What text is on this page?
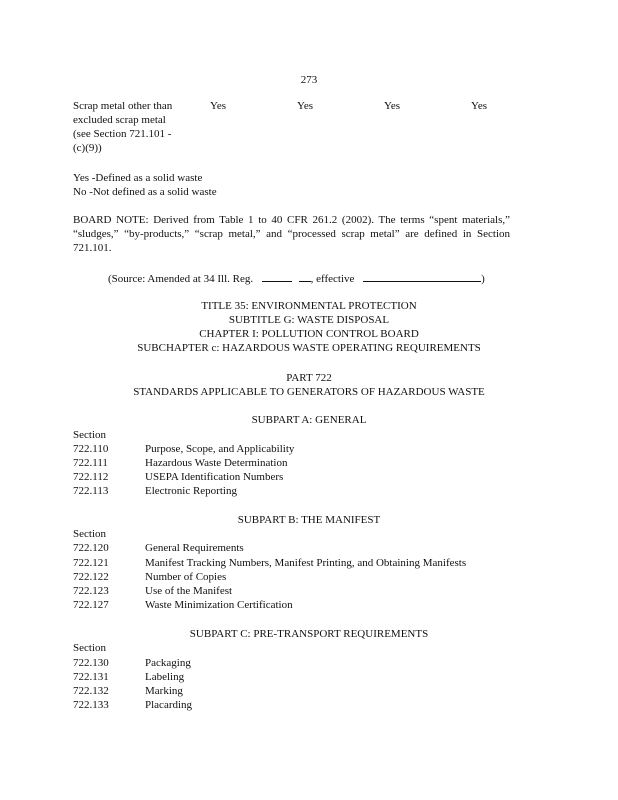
273
Scrap metal other than
excluded scrap metal
(see Section 721.101 -
(c)(9))
Yes	Yes	Yes	Yes
Yes -Defined as a solid waste
No -Not defined as a solid waste
BOARD NOTE: Derived from Table 1 to 40 CFR 261.2 (2002). The terms “spent materials,” “sludges,” “by-products,” “scrap metal,” and “processed scrap metal” are defined in Section 721.101.
(Source: Amended at 34 Ill. Reg.	, effective	)
TITLE 35: ENVIRONMENTAL PROTECTION
SUBTITLE G: WASTE DISPOSAL
CHAPTER I: POLLUTION CONTROL BOARD
SUBCHAPTER c: HAZARDOUS WASTE OPERATING REQUIREMENTS
PART 722
STANDARDS APPLICABLE TO GENERATORS OF HAZARDOUS WASTE
SUBPART A: GENERAL
Section
722.110	Purpose, Scope, and Applicability
722.111	Hazardous Waste Determination
722.112	USEPA Identification Numbers
722.113	Electronic Reporting
SUBPART B: THE MANIFEST
Section
722.120	General Requirements
722.121	Manifest Tracking Numbers, Manifest Printing, and Obtaining Manifests
722.122	Number of Copies
722.123	Use of the Manifest
722.127	Waste Minimization Certification
SUBPART C: PRE-TRANSPORT REQUIREMENTS
Section
722.130	Packaging
722.131	Labeling
722.132	Marking
722.133	Placarding
